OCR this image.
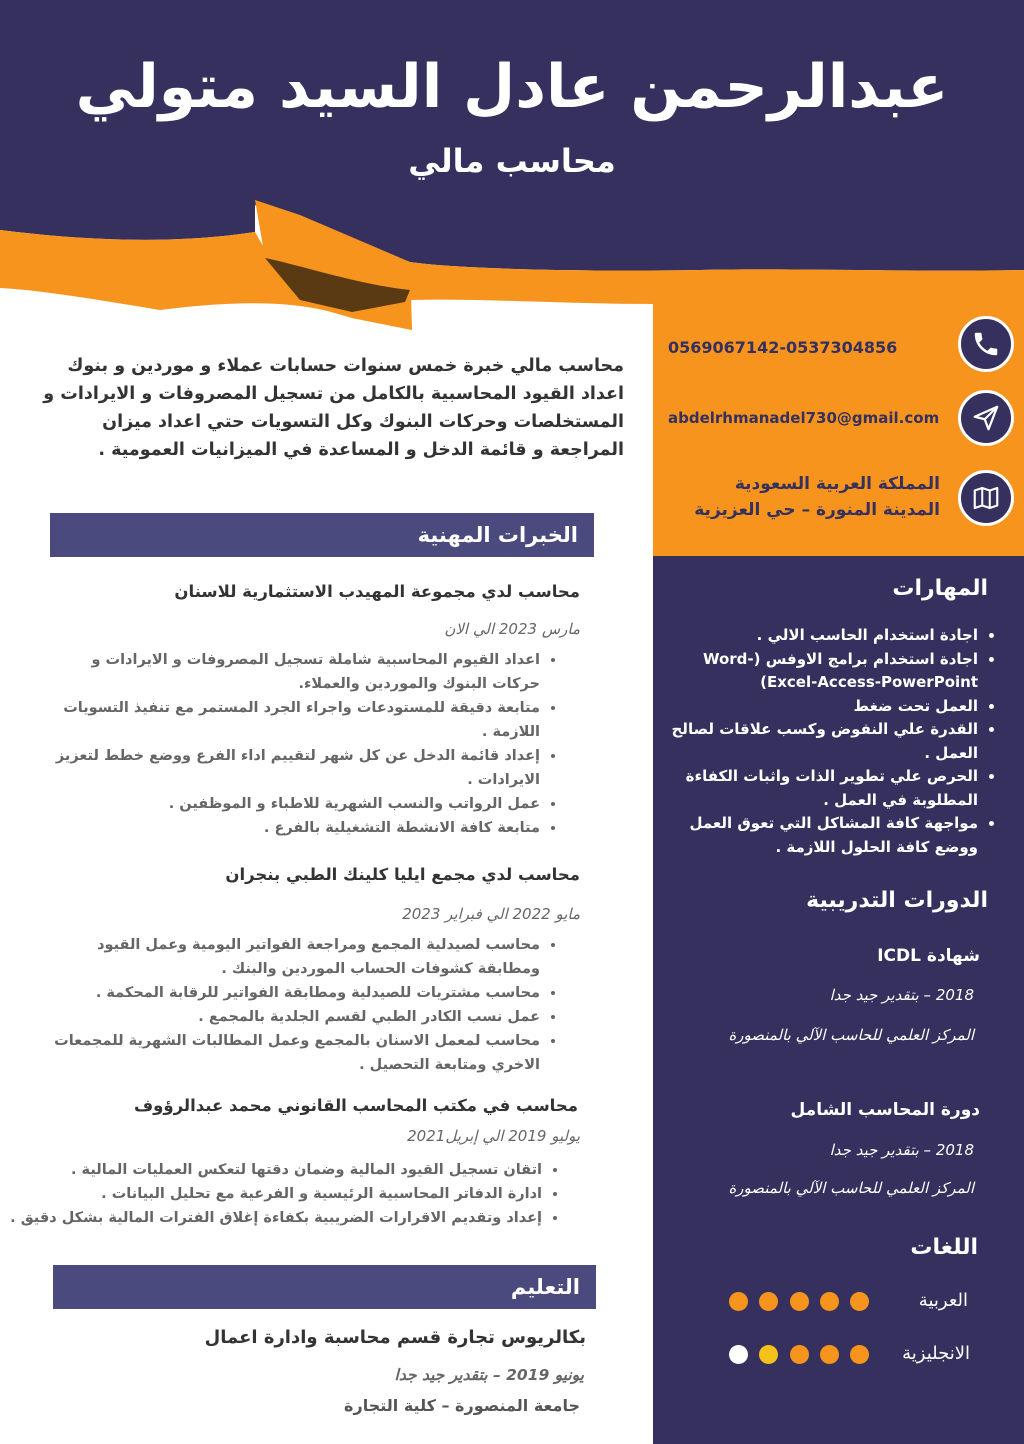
عبدالرحمن عادل السيد متولي
محاسب مالي
0569067142-0537304856
abdelrhmanadel730@gmail.com
المملكة العربية السعودية
المدينة المنورة – حي العزيزية
المهارات
• اجادة استخدام الحاسب الالي .
• اجادة استخدام برامج الاوفس (Word-Excel-Access-PowerPoint)
• العمل تحت ضغط
• القدرة علي النفوض وكسب علاقات لصالح العمل .
• الحرص علي تطوير الذات واثبات الكفاءة المطلوبة في العمل .
• مواجهة كافة المشاكل التي تعوق العمل ووضع كافة الحلول اللازمة .
الدورات التدريبية
شهادة ICDL
2018 – بتقدير جيد جدا
المركز العلمي للحاسب الآلي بالمنصورة
دورة المحاسب الشامل
2018 – بتقدير جيد جدا
المركز العلمي للحاسب الآلي بالمنصورة
اللغات
العربية
الانجليزية
محاسب مالي خبرة خمس سنوات حسابات عملاء و موردين و بنوك اعداد القيود المحاسبية بالكامل من تسجيل المصروفات و الايرادات و المستخلصات وحركات البنوك وكل التسويات حتي اعداد ميزان المراجعة و قائمة الدخل و المساعدة في الميزانيات العمومية .
الخبرات المهنية
محاسب لدي مجموعة المهيدب الاستثمارية للاسنان
مارس 2023 الي الان
• اعداد القيوم المحاسبية شاملة تسجيل المصروفات و الايرادات و حركات البنوك والموردين والعملاء.
• متابعة دقيقة للمستودعات واجراء الجرد المستمر مع تنفيذ التسويات اللازمة .
• إعداد قائمة الدخل عن كل شهر لتقييم اداء الفرع ووضع خطط لتعزيز الايرادات .
• عمل الرواتب والنسب الشهرية للاطباء و الموظفين .
• متابعة كافة الانشطة التشغيلية بالفرع .
محاسب لدي مجمع ايليا كلينك الطبي بنجران
مايو 2022 الي فبراير 2023
• محاسب لصيدلية المجمع ومراجعة الفواتير اليومية وعمل القيود ومطابقة كشوفات الحساب الموردين والبنك .
• محاسب مشتريات للصيدلية ومطابقة الفواتير للرقابة المحكمة .
• عمل نسب الكادر الطبي لقسم الجلدية بالمجمع .
• محاسب لمعمل الاسنان بالمجمع وعمل المطالبات الشهرية للمجمعات الاخري ومتابعة التحصيل .
محاسب في مكتب المحاسب القانوني محمد عبدالرؤوف
يوليو 2019 الي إبريل2021
• اتقان تسجيل القيود المالية وضمان دقتها لتعكس العمليات المالية .
• ادارة الدفاتر المحاسبية الرئيسية و الفرعية مع تحليل البيانات .
• إعداد وتقديم الاقرارات الضريبية بكفاءة إغلاق الفترات المالية بشكل دقيق .
التعليم
بكالريوس تجارة قسم محاسبة وادارة اعمال
يونيو 2019 – بتقدير جيد جدا
جامعة المنصورة – كلية التجارة
